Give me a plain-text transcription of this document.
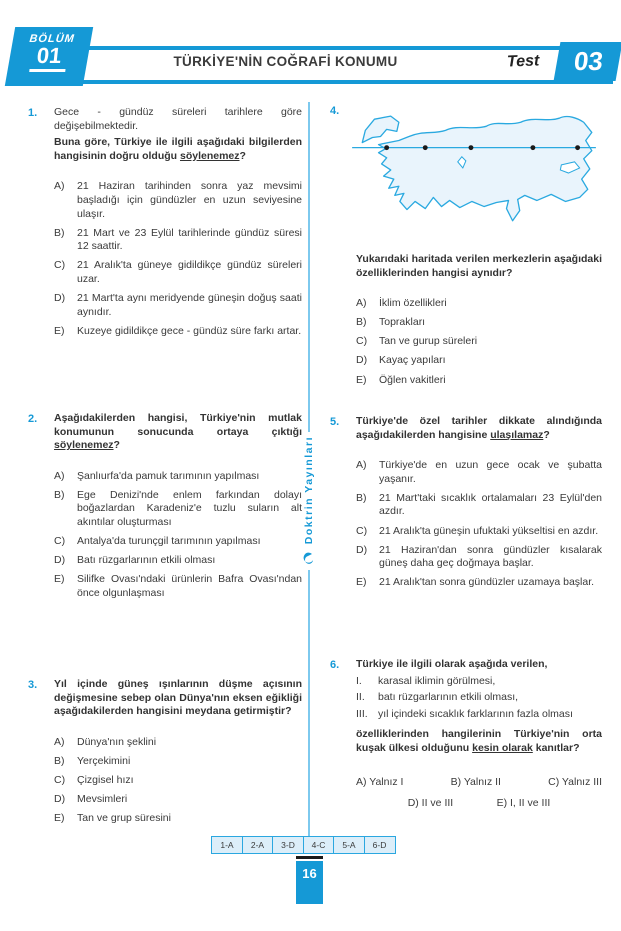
BÖLÜM
01	TÜRKİYE'NİN COĞRAFİ KONUMU	Test 03
Doktrin Yayınları
1.	Gece - gündüz süreleri tarihlere göre değişebilmektedir.

Buna göre, Türkiye ile ilgili aşağıdaki bilgilerden hangisinin doğru olduğu söylenemez?

A)	21 Haziran tarihinden sonra yaz mevsimi başladığı için gündüzler en uzun seviyesine ulaşır.
B)	21 Mart ve 23 Eylül tarihlerinde gündüz süresi 12 saattir.
C)	21 Aralık'ta güneye gidildikçe gündüz süreleri uzar.
D)	21 Mart'ta aynı meridyende güneşin doğuş saati aynıdır.
E)	Kuzeye gidildikçe gece - gündüz süre farkı artar.
2.	Aşağıdakilerden hangisi, Türkiye'nin mutlak konumunun sonucunda ortaya çıktığı söylenemez?

A)	Şanlıurfa'da pamuk tarımının yapılması
B)	Ege Denizi'nde enlem farkından dolayı boğazlardan Karadeniz'e tuzlu suların alt akıntılar oluşturması
C)	Antalya'da turunçgil tarımının yapılması
D)	Batı rüzgarlarının etkili olması
E)	Silifke Ovası'ndaki ürünlerin Bafra Ovası'ndan önce olgunlaşması
3.	Yıl içinde güneş ışınlarının düşme açısının değişmesine sebep olan Dünya'nın eksen eğikliği aşağıdakilerden hangisini meydana getirmiştir?

A)	Dünya'nın şeklini
B)	Yerçekimini
C)	Çizgisel hızı
D)	Mevsimleri
E)	Tan ve grup süresini
4.

Yukarıdaki haritada verilen merkezlerin aşağıdaki özelliklerinden hangisi aynıdır?

A)	İklim özellikleri
B)	Toprakları
C)	Tan ve gurup süreleri
D)	Kayaç yapıları
E)	Öğlen vakitleri
5.	Türkiye'de özel tarihler dikkate alındığında aşağıdakilerden hangisine ulaşılamaz?

A)	Türkiye'de en uzun gece ocak ve şubatta yaşanır.
B)	21 Mart'taki sıcaklık ortalamaları 23 Eylül'den azdır.
C)	21 Aralık'ta güneşin ufuktaki yükseltisi en azdır.
D)	21 Haziran'dan sonra gündüzler kısalarak güneş daha geç doğmaya başlar.
E)	21 Aralık'tan sonra gündüzler uzamaya başlar.
6.	Türkiye ile ilgili olarak aşağıda verilen,

I.	karasal iklimin görülmesi,
II.	batı rüzgarlarının etkili olması,
III. yıl içindeki sıcaklık farklarının fazla olması

özelliklerinden hangilerinin Türkiye'nin orta kuşak ülkesi olduğunu kesin olarak kanıtlar?

A) Yalnız I	B) Yalnız II	C) Yalnız III
D) II ve III	E) I, II ve III
1-A	2-A	3-D	4-C	5-A	6-D
16
